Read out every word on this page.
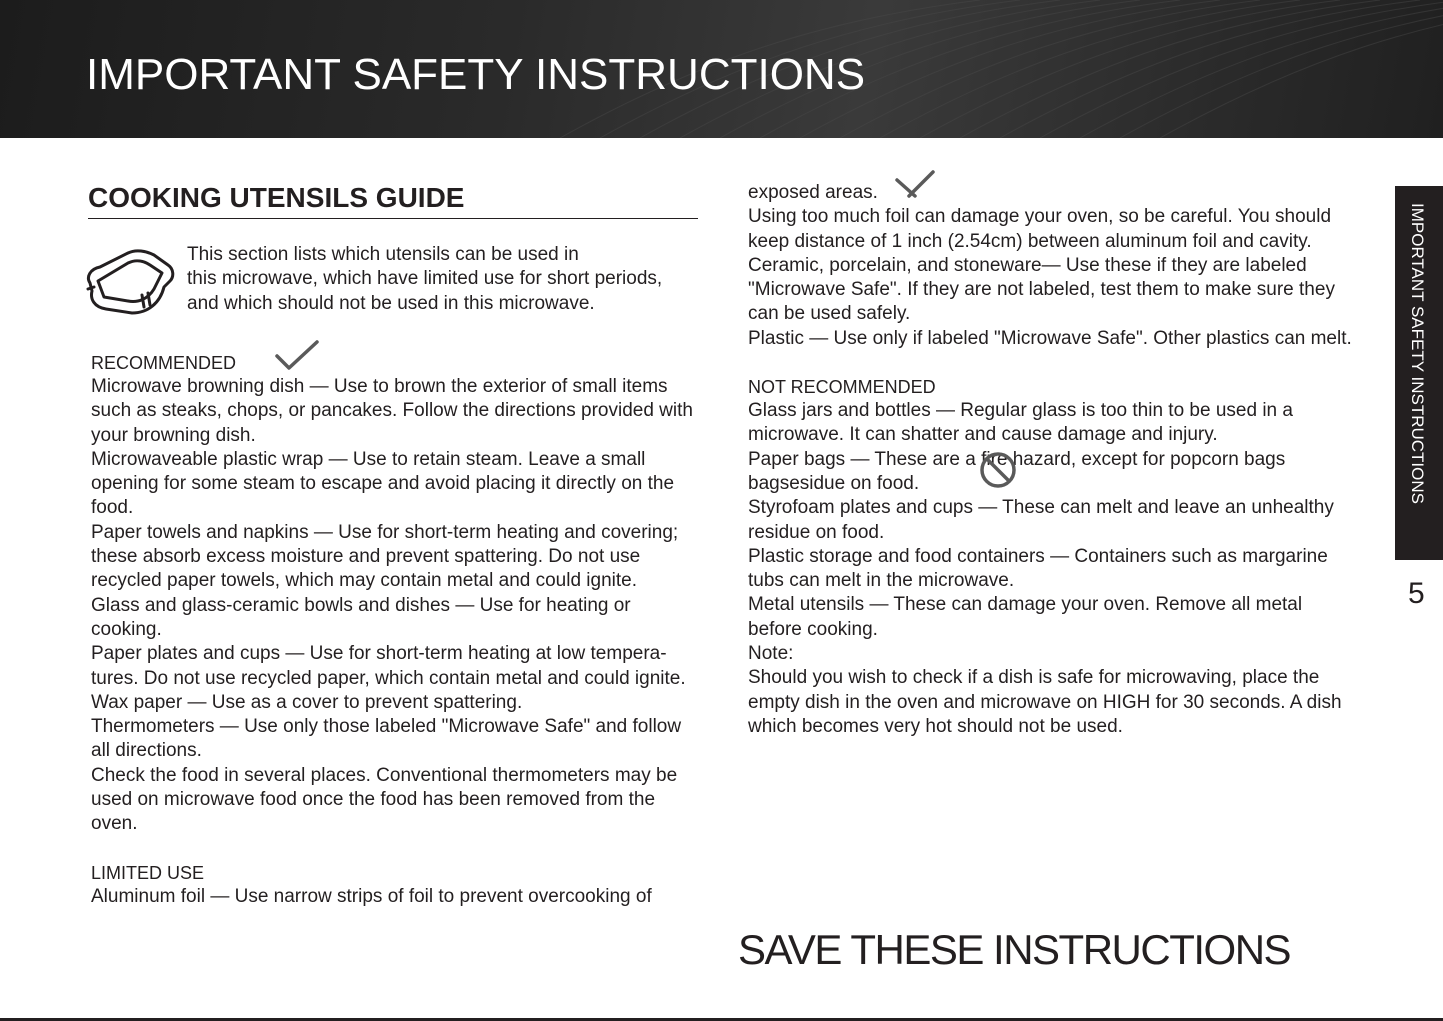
IMPORTANT SAFETY INSTRUCTIONS
COOKING UTENSILS GUIDE
This section lists which utensils can be used in
this microwave, which have limited use for short periods,
and which should not be used in this microwave.
RECOMMENDED
Microwave browning dish — Use to brown the exterior of small items
such as steaks, chops, or pancakes. Follow the directions provided with
your browning dish.
Microwaveable plastic wrap — Use to retain steam. Leave a small
opening for some steam to escape and avoid placing it directly on the
food.
Paper towels and napkins — Use for short-term heating and covering;
these absorb excess moisture and prevent spattering. Do not use
recycled paper towels, which may contain metal and could ignite.
Glass and glass-ceramic bowls and dishes — Use for heating or
cooking.
Paper plates and cups — Use for short-term heating at low tempera-
tures. Do not use recycled paper, which contain metal and could ignite.
Wax paper — Use as a cover to prevent spattering.
Thermometers — Use only those labeled "Microwave Safe" and follow
all directions.
Check the food in several places. Conventional thermometers may be
used on microwave food once the food has been removed from the
oven.
LIMITED USE
Aluminum foil — Use narrow strips of foil to prevent overcooking of
exposed areas.
Using too much foil can damage your oven, so be careful. You should
keep distance of 1 inch (2.54cm) between aluminum foil and cavity.
Ceramic, porcelain, and stoneware— Use these if they are labeled
"Microwave Safe". If they are not labeled, test them to make sure they
can be used safely.
Plastic — Use only if labeled "Microwave Safe". Other plastics can melt.
NOT RECOMMENDED
Glass jars and bottles — Regular glass is too thin to be used in a
microwave. It can shatter and cause damage and injury.
Paper bags — These are a fire hazard, except for popcorn bags
bagsesidue on food.
Styrofoam plates and cups — These can melt and leave an unhealthy
residue on food.
Plastic storage and food containers — Containers such as margarine
tubs can melt in the microwave.
Metal utensils — These can damage your oven. Remove all metal
before cooking.
Note:
Should you wish to check if a dish is safe for microwaving, place the
empty dish in the oven and microwave on HIGH for 30 seconds. A dish
which becomes very hot should not be used.
IMPORTANT SAFETY INSTRUCTIONS
5
SAVE THESE INSTRUCTIONS
